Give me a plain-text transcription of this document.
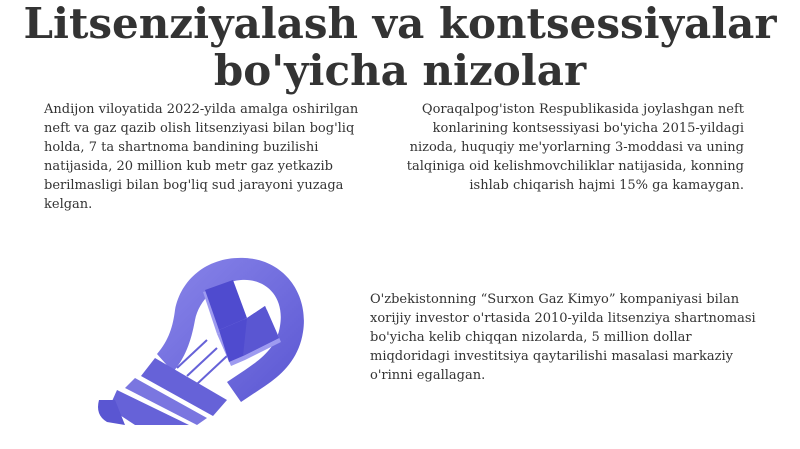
Litsenziyalash va kontsessiyalar
bo'yicha nizolar

Andijon viloyatida 2022-yilda amalga oshirilgan neft va gaz qazib olish litsenziyasi bilan bog'liq holda, 7 ta shartnoma bandining buzilishi natijasida, 20 million kub metr gaz yetkazib berilmasligi bilan bog'liq sud jarayoni yuzaga kelgan.

Qoraqalpog'iston Respublikasida joylashgan neft konlarining kontsessiyasi bo'yicha 2015-yildagi nizoda, huquqiy me'yorlarning 3-moddasi va uning talqiniga oid kelishmovchiliklar natijasida, konning ishlab chiqarish hajmi 15% ga kamaygan.

O'zbekistonning “Surxon Gaz Kimyo” kompaniyasi bilan xorijiy investor o'rtasida 2010-yilda litsenziya shartnomasi bo'yicha kelib chiqqan nizolarda, 5 million dollar miqdoridagi investitsiya qaytarilishi masalasi markaziy o'rinni egallagan.
